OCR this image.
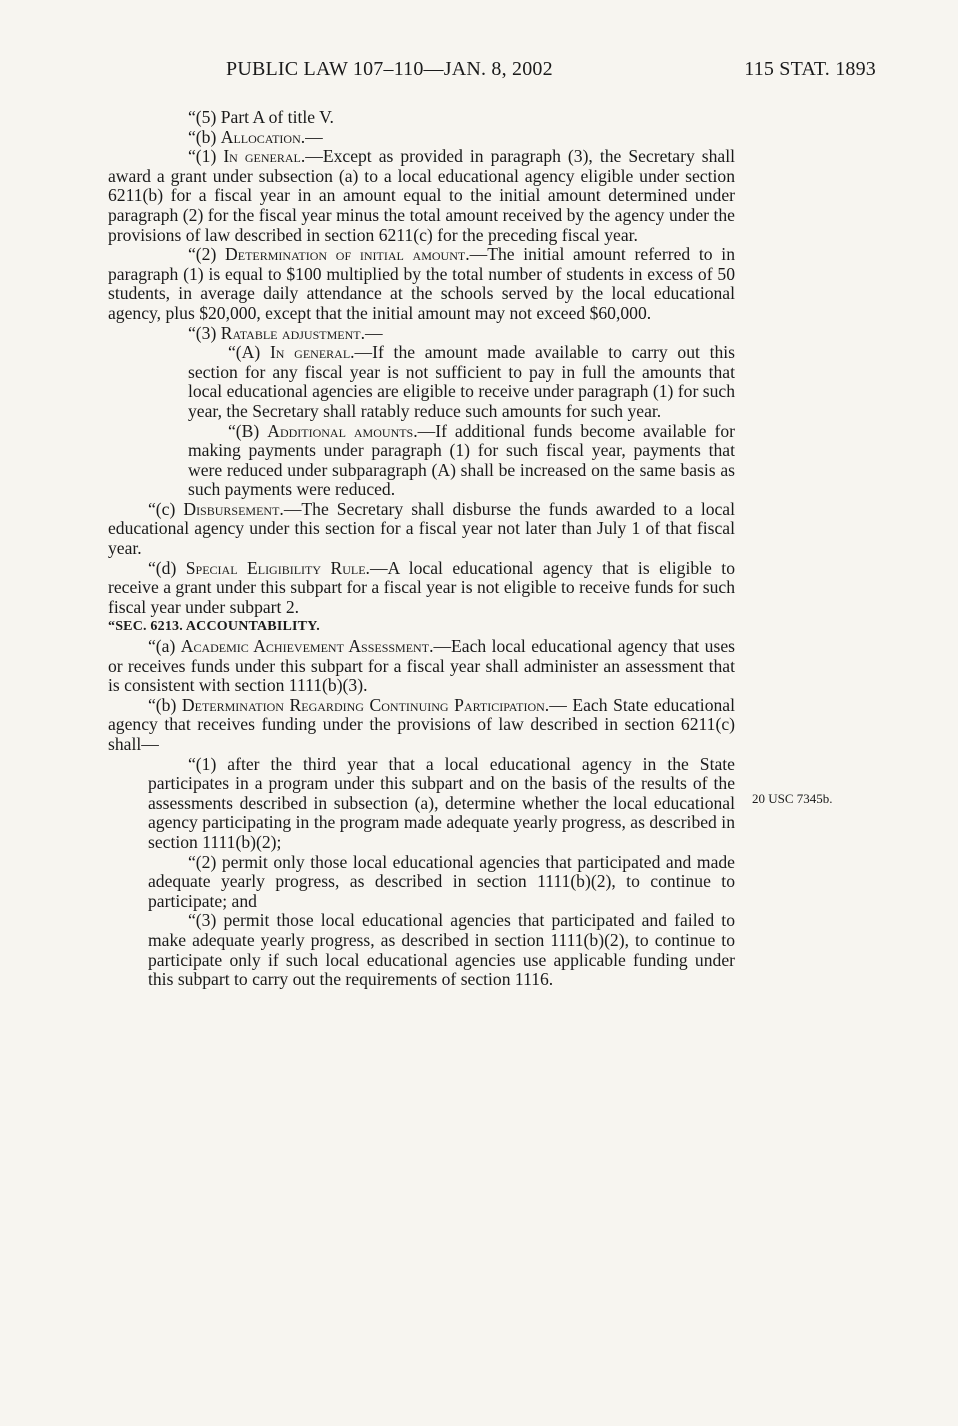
PUBLIC LAW 107–110—JAN. 8, 2002	115 STAT. 1893
20 USC 7345b.

“(5) Part A of title V.

“(b) Allocation.—

“(1) In general.—Except as provided in paragraph (3), the Secretary shall award a grant under subsection (a) to a local educational agency eligible under section 6211(b) for a fiscal year in an amount equal to the initial amount determined under paragraph (2) for the fiscal year minus the total amount received by the agency under the provisions of law described in section 6211(c) for the preceding fiscal year.

“(2) Determination of initial amount.—The initial amount referred to in paragraph (1) is equal to $100 multiplied by the total number of students in excess of 50 students, in average daily attendance at the schools served by the local educational agency, plus $20,000, except that the initial amount may not exceed $60,000.

“(3) Ratable adjustment.—

“(A) In general.—If the amount made available to carry out this section for any fiscal year is not sufficient to pay in full the amounts that local educational agencies are eligible to receive under paragraph (1) for such year, the Secretary shall ratably reduce such amounts for such year.

“(B) Additional amounts.—If additional funds become available for making payments under paragraph (1) for such fiscal year, payments that were reduced under subparagraph (A) shall be increased on the same basis as such payments were reduced.

“(c) Disbursement.—The Secretary shall disburse the funds awarded to a local educational agency under this section for a fiscal year not later than July 1 of that fiscal year.

“(d) Special Eligibility Rule.—A local educational agency that is eligible to receive a grant under this subpart for a fiscal year is not eligible to receive funds for such fiscal year under subpart 2.

“SEC. 6213. ACCOUNTABILITY.

“(a) Academic Achievement Assessment.—Each local educational agency that uses or receives funds under this subpart for a fiscal year shall administer an assessment that is consistent with section 1111(b)(3).

“(b) Determination Regarding Continuing Participation.— Each State educational agency that receives funding under the provisions of law described in section 6211(c) shall—

“(1) after the third year that a local educational agency in the State participates in a program under this subpart and on the basis of the results of the assessments described in subsection (a), determine whether the local educational agency participating in the program made adequate yearly progress, as described in section 1111(b)(2);

“(2) permit only those local educational agencies that participated and made adequate yearly progress, as described in section 1111(b)(2), to continue to participate; and

“(3) permit those local educational agencies that participated and failed to make adequate yearly progress, as described in section 1111(b)(2), to continue to participate only if such local educational agencies use applicable funding under this subpart to carry out the requirements of section 1116.
